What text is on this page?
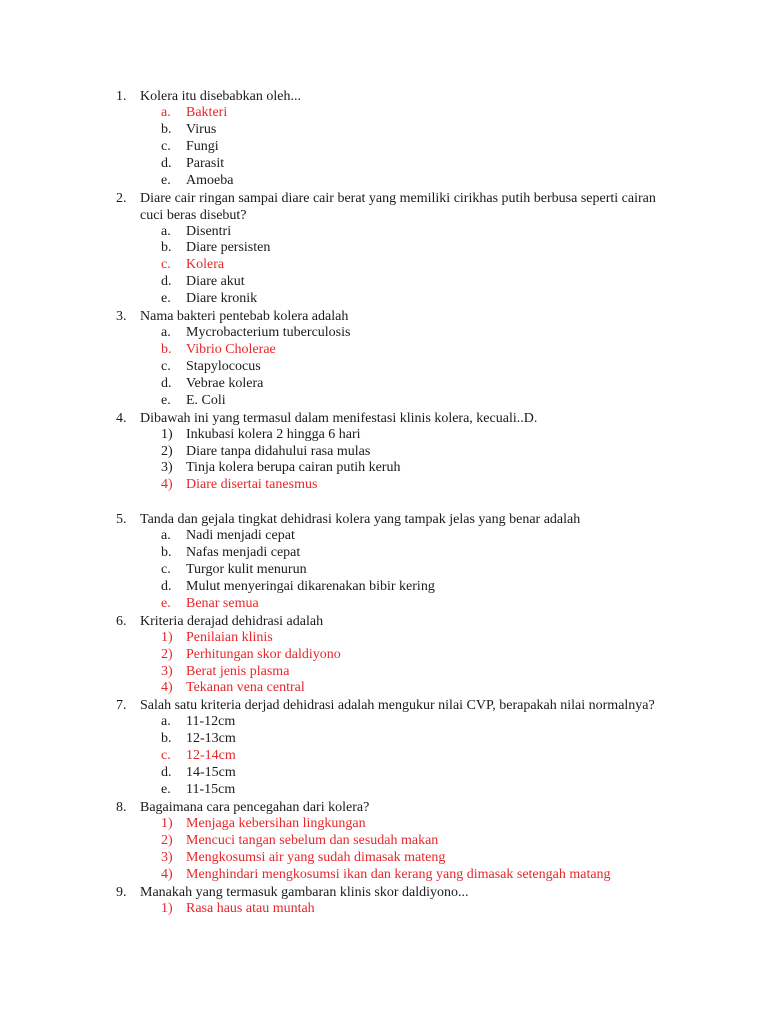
1. Kolera itu disebabkan oleh...
a. Bakteri
b. Virus
c. Fungi
d. Parasit
e. Amoeba
2. Diare cair ringan sampai diare cair berat yang memiliki cirikhas putih berbusa seperti cairan cuci beras disebut?
a. Disentri
b. Diare persisten
c. Kolera
d. Diare akut
e. Diare kronik
3. Nama bakteri pentebab kolera adalah
a. Mycrobacterium tuberculosis
b. Vibrio Cholerae
c. Stapylococus
d. Vebrae kolera
e. E. Coli
4. Dibawah ini yang termasul dalam menifestasi klinis kolera, kecuali..D.
1) Inkubasi kolera 2 hingga 6 hari
2) Diare tanpa didahului rasa mulas
3) Tinja kolera berupa cairan putih keruh
4) Diare disertai tanesmus
5. Tanda dan gejala tingkat dehidrasi kolera yang tampak jelas yang benar adalah
a. Nadi menjadi cepat
b. Nafas menjadi cepat
c. Turgor kulit menurun
d. Mulut menyeringai dikarenakan bibir kering
e. Benar semua
6. Kriteria derajad dehidrasi adalah
1) Penilaian klinis
2) Perhitungan skor daldiyono
3) Berat jenis plasma
4) Tekanan vena central
7. Salah satu kriteria derjad dehidrasi adalah mengukur nilai CVP, berapakah nilai normalnya?
a. 11-12cm
b. 12-13cm
c. 12-14cm
d. 14-15cm
e. 11-15cm
8. Bagaimana cara pencegahan dari kolera?
1) Menjaga kebersihan lingkungan
2) Mencuci tangan sebelum dan sesudah makan
3) Mengkosumsi air yang sudah dimasak mateng
4) Menghindari mengkosumsi ikan dan kerang yang dimasak setengah matang
9. Manakah yang termasuk gambaran klinis skor daldiyono...
1) Rasa haus atau muntah
